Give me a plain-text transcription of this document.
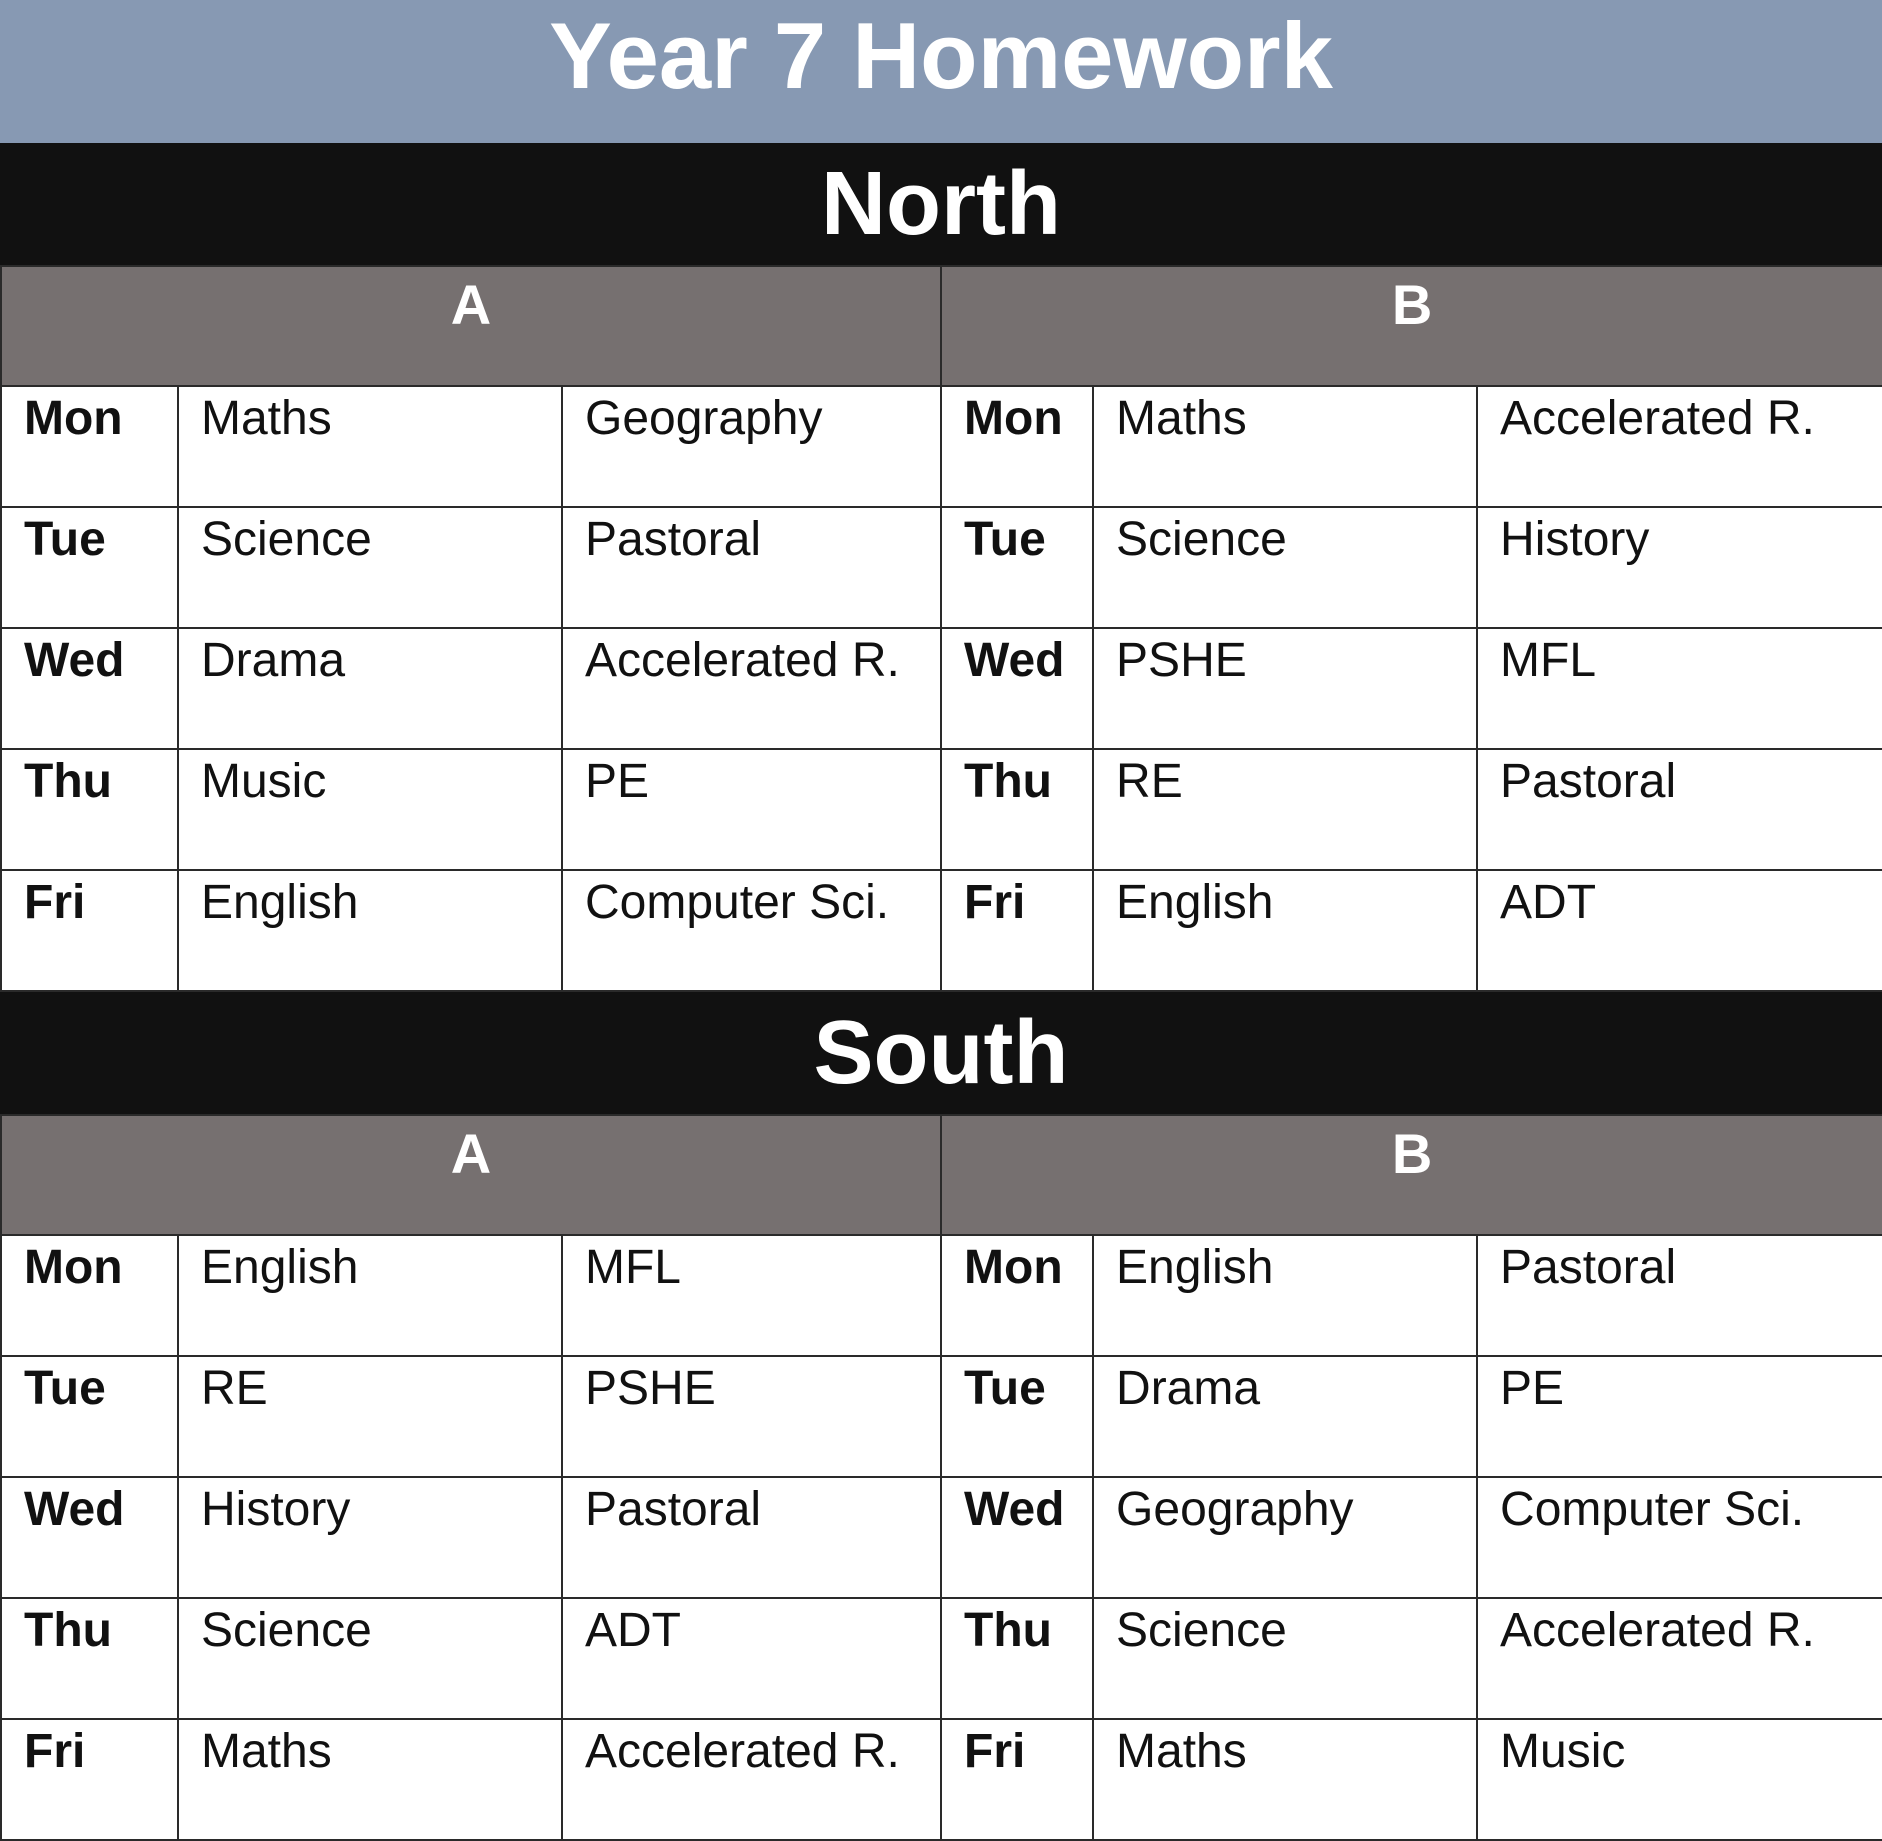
Year 7 Homework
North
A			B		
Mon	Maths	Geography	Mon	Maths	Accelerated R.
Tue	Science	Pastoral	Tue	Science	History
Wed	Drama	Accelerated R.	Wed	PSHE	MFL
Thu	Music	PE	Thu	RE	Pastoral
Fri	English	Computer Sci.	Fri	English	ADT
South
A			B		
Mon	English	MFL	Mon	English	Pastoral
Tue	RE	PSHE	Tue	Drama	PE
Wed	History	Pastoral	Wed	Geography	Computer Sci.
Thu	Science	ADT	Thu	Science	Accelerated R.
Fri	Maths	Accelerated R.	Fri	Maths	Music
